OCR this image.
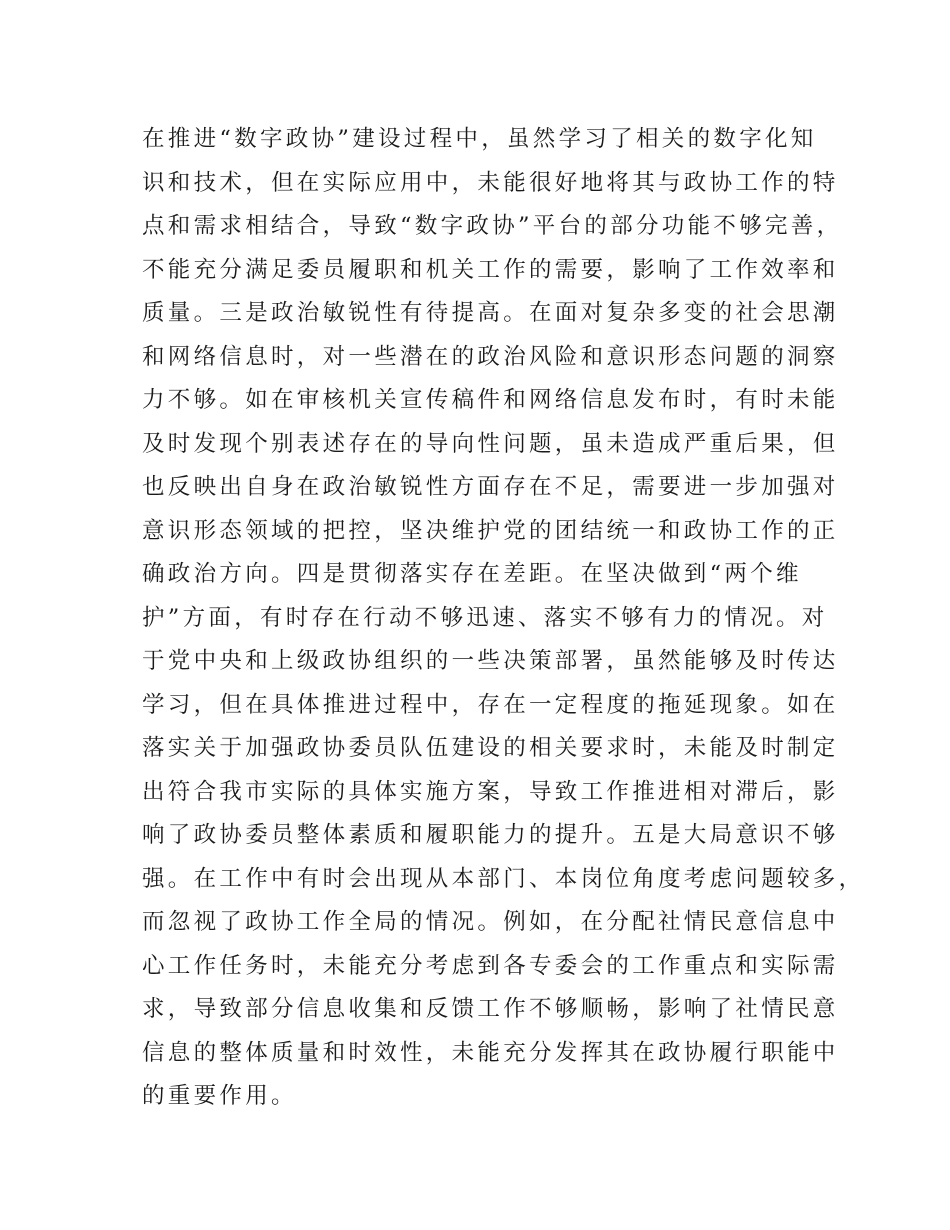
在推进“数字政协”建设过程中，虽然学习了相关的数字化知
识和技术，但在实际应用中，未能很好地将其与政协工作的特
点和需求相结合，导致“数字政协”平台的部分功能不够完善，
不能充分满足委员履职和机关工作的需要，影响了工作效率和
质量。三是政治敏锐性有待提高。在面对复杂多变的社会思潮
和网络信息时，对一些潜在的政治风险和意识形态问题的洞察
力不够。如在审核机关宣传稿件和网络信息发布时，有时未能
及时发现个别表述存在的导向性问题，虽未造成严重后果，但
也反映出自身在政治敏锐性方面存在不足，需要进一步加强对
意识形态领域的把控，坚决维护党的团结统一和政协工作的正
确政治方向。四是贯彻落实存在差距。在坚决做到“两个维
护”方面，有时存在行动不够迅速、落实不够有力的情况。对
于党中央和上级政协组织的一些决策部署，虽然能够及时传达
学习，但在具体推进过程中，存在一定程度的拖延现象。如在
落实关于加强政协委员队伍建设的相关要求时，未能及时制定
出符合我市实际的具体实施方案，导致工作推进相对滞后，影
响了政协委员整体素质和履职能力的提升。五是大局意识不够
强。在工作中有时会出现从本部门、本岗位角度考虑问题较多，
而忽视了政协工作全局的情况。例如，在分配社情民意信息中
心工作任务时，未能充分考虑到各专委会的工作重点和实际需
求，导致部分信息收集和反馈工作不够顺畅，影响了社情民意
信息的整体质量和时效性，未能充分发挥其在政协履行职能中
的重要作用。
